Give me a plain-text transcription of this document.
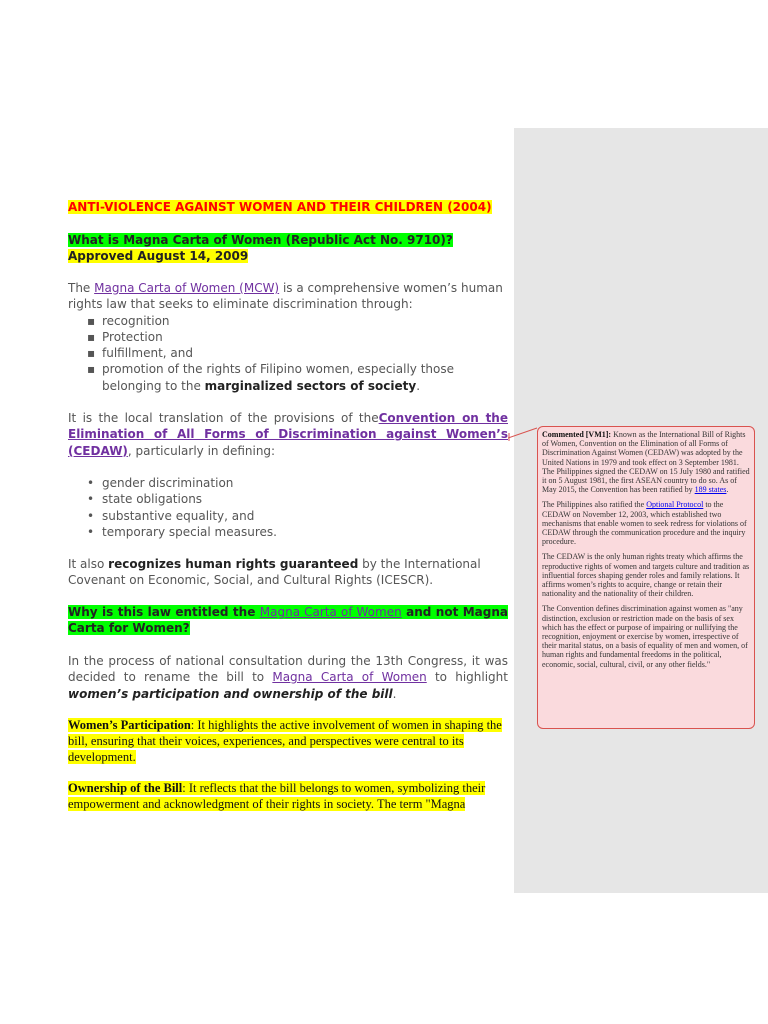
ANTI-VIOLENCE AGAINST WOMEN AND THEIR CHILDREN (2004)
What is Magna Carta of Women (Republic Act No. 9710)?
Approved August 14, 2009
The Magna Carta of Women (MCW) is a comprehensive women’s human rights law that seeks to eliminate discrimination through:
▪ recognition
▪ Protection
▪ fulfillment, and
▪ promotion of the rights of Filipino women, especially those belonging to the marginalized sectors of society.
It is the local translation of the provisions of theConvention on the Elimination of All Forms of Discrimination against Women’s (CEDAW), particularly in defining:
• gender discrimination
• state obligations
• substantive equality, and
• temporary special measures.
It also recognizes human rights guaranteed by the International Covenant on Economic, Social, and Cultural Rights (ICESCR).
Why is this law entitled the Magna Carta of Women and not Magna Carta for Women?
In the process of national consultation during the 13th Congress, it was decided to rename the bill to Magna Carta of Women to highlight women’s participation and ownership of the bill.
Women’s Participation: It highlights the active involvement of women in shaping the bill, ensuring that their voices, experiences, and perspectives were central to its development.
Ownership of the Bill: It reflects that the bill belongs to women, symbolizing their empowerment and acknowledgment of their rights in society. The term "Magna

Commented [VM1]: Known as the International Bill of Rights of Women, Convention on the Elimination of all Forms of Discrimination Against Women (CEDAW) was adopted by the United Nations in 1979 and took effect on 3 September 1981. The Philippines signed the CEDAW on 15 July 1980 and ratified it on 5 August 1981, the first ASEAN country to do so. As of May 2015, the Convention has been ratified by 189 states.

The Philippines also ratified the Optional Protocol to the CEDAW on November 12, 2003, which established two mechanisms that enable women to seek redress for violations of CEDAW through the communication procedure and the inquiry procedure.

The CEDAW is the only human rights treaty which affirms the reproductive rights of women and targets culture and tradition as influential forces shaping gender roles and family relations. It affirms women’s rights to acquire, change or retain their nationality and the nationality of their children.

The Convention defines discrimination against women as "any distinction, exclusion or restriction made on the basis of sex which has the effect or purpose of impairing or nullifying the recognition, enjoyment or exercise by women, irrespective of their marital status, on a basis of equality of men and women, of human rights and fundamental freedoms in the political, economic, social, cultural, civil, or any other fields."
